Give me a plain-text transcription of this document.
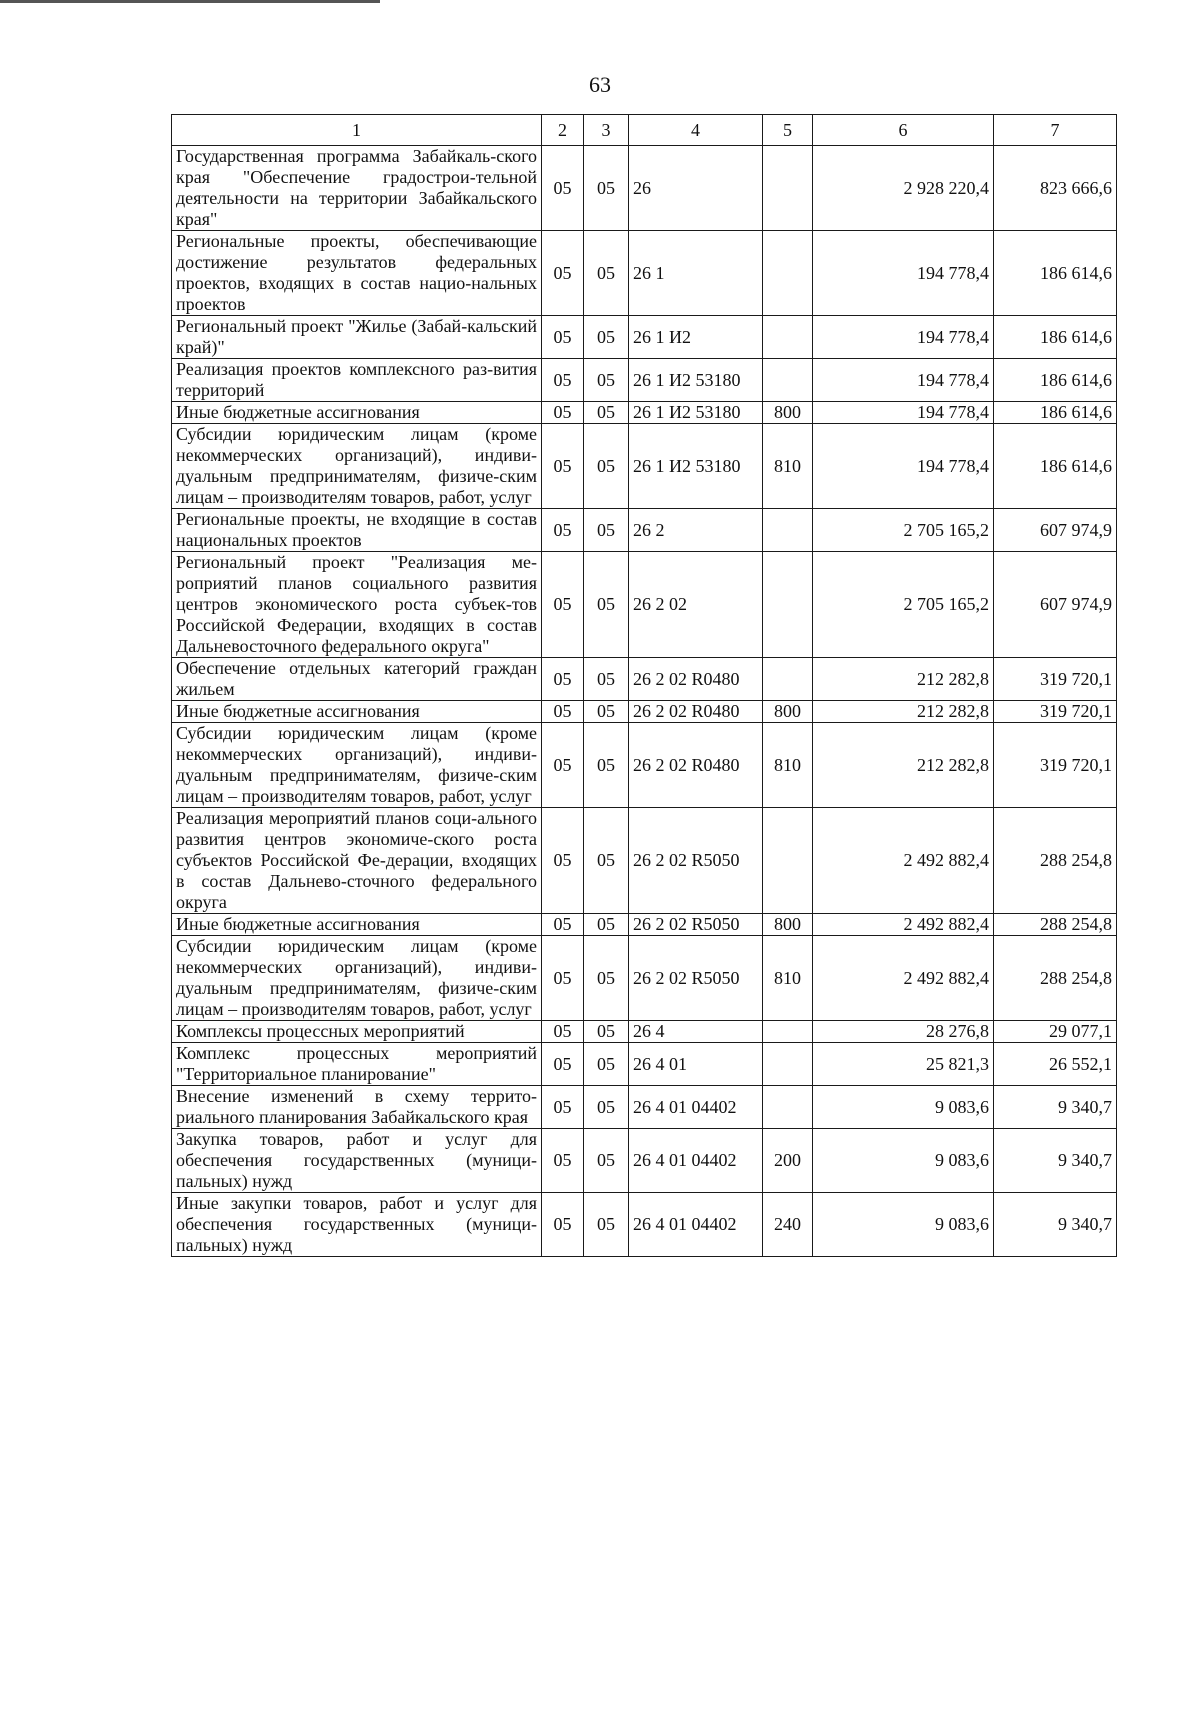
63
1	2	3	4	5	6	7
Государственная программа Забайкаль-ского края "Обеспечение градострои-тельной деятельности на территории Забайкальского края"	05	05	26		2 928 220,4	823 666,6
Региональные проекты, обеспечивающие достижение результатов федеральных проектов, входящих в состав нацио-нальных проектов	05	05	26 1		194 778,4	186 614,6
Региональный проект "Жилье (Забай-кальский край)"	05	05	26 1 И2		194 778,4	186 614,6
Реализация проектов комплексного раз-вития территорий	05	05	26 1 И2 53180		194 778,4	186 614,6
Иные бюджетные ассигнования	05	05	26 1 И2 53180	800	194 778,4	186 614,6
Субсидии юридическим лицам (кроме некоммерческих организаций), индиви-дуальным предпринимателям, физиче-ским лицам – производителям товаров, работ, услуг	05	05	26 1 И2 53180	810	194 778,4	186 614,6
Региональные проекты, не входящие в состав национальных проектов	05	05	26 2		2 705 165,2	607 974,9
Региональный проект "Реализация ме-роприятий планов социального развития центров экономического роста субъек-тов Российской Федерации, входящих в состав Дальневосточного федерального округа"	05	05	26 2 02		2 705 165,2	607 974,9
Обеспечение отдельных категорий граждан жильем	05	05	26 2 02 R0480		212 282,8	319 720,1
Иные бюджетные ассигнования	05	05	26 2 02 R0480	800	212 282,8	319 720,1
Субсидии юридическим лицам (кроме некоммерческих организаций), индиви-дуальным предпринимателям, физиче-ским лицам – производителям товаров, работ, услуг	05	05	26 2 02 R0480	810	212 282,8	319 720,1
Реализация мероприятий планов соци-ального развития центров экономиче-ского роста субъектов Российской Фе-дерации, входящих в состав Дальнево-сточного федерального округа	05	05	26 2 02 R5050		2 492 882,4	288 254,8
Иные бюджетные ассигнования	05	05	26 2 02 R5050	800	2 492 882,4	288 254,8
Субсидии юридическим лицам (кроме некоммерческих организаций), индиви-дуальным предпринимателям, физиче-ским лицам – производителям товаров, работ, услуг	05	05	26 2 02 R5050	810	2 492 882,4	288 254,8
Комплексы процессных мероприятий	05	05	26 4		28 276,8	29 077,1
Комплекс процессных мероприятий "Территориальное планирование"	05	05	26 4 01		25 821,3	26 552,1
Внесение изменений в схему террито-риального планирования Забайкальского края	05	05	26 4 01 04402		9 083,6	9 340,7
Закупка товаров, работ и услуг для обеспечения государственных (муници-пальных) нужд	05	05	26 4 01 04402	200	9 083,6	9 340,7
Иные закупки товаров, работ и услуг для обеспечения государственных (муници-пальных) нужд	05	05	26 4 01 04402	240	9 083,6	9 340,7
